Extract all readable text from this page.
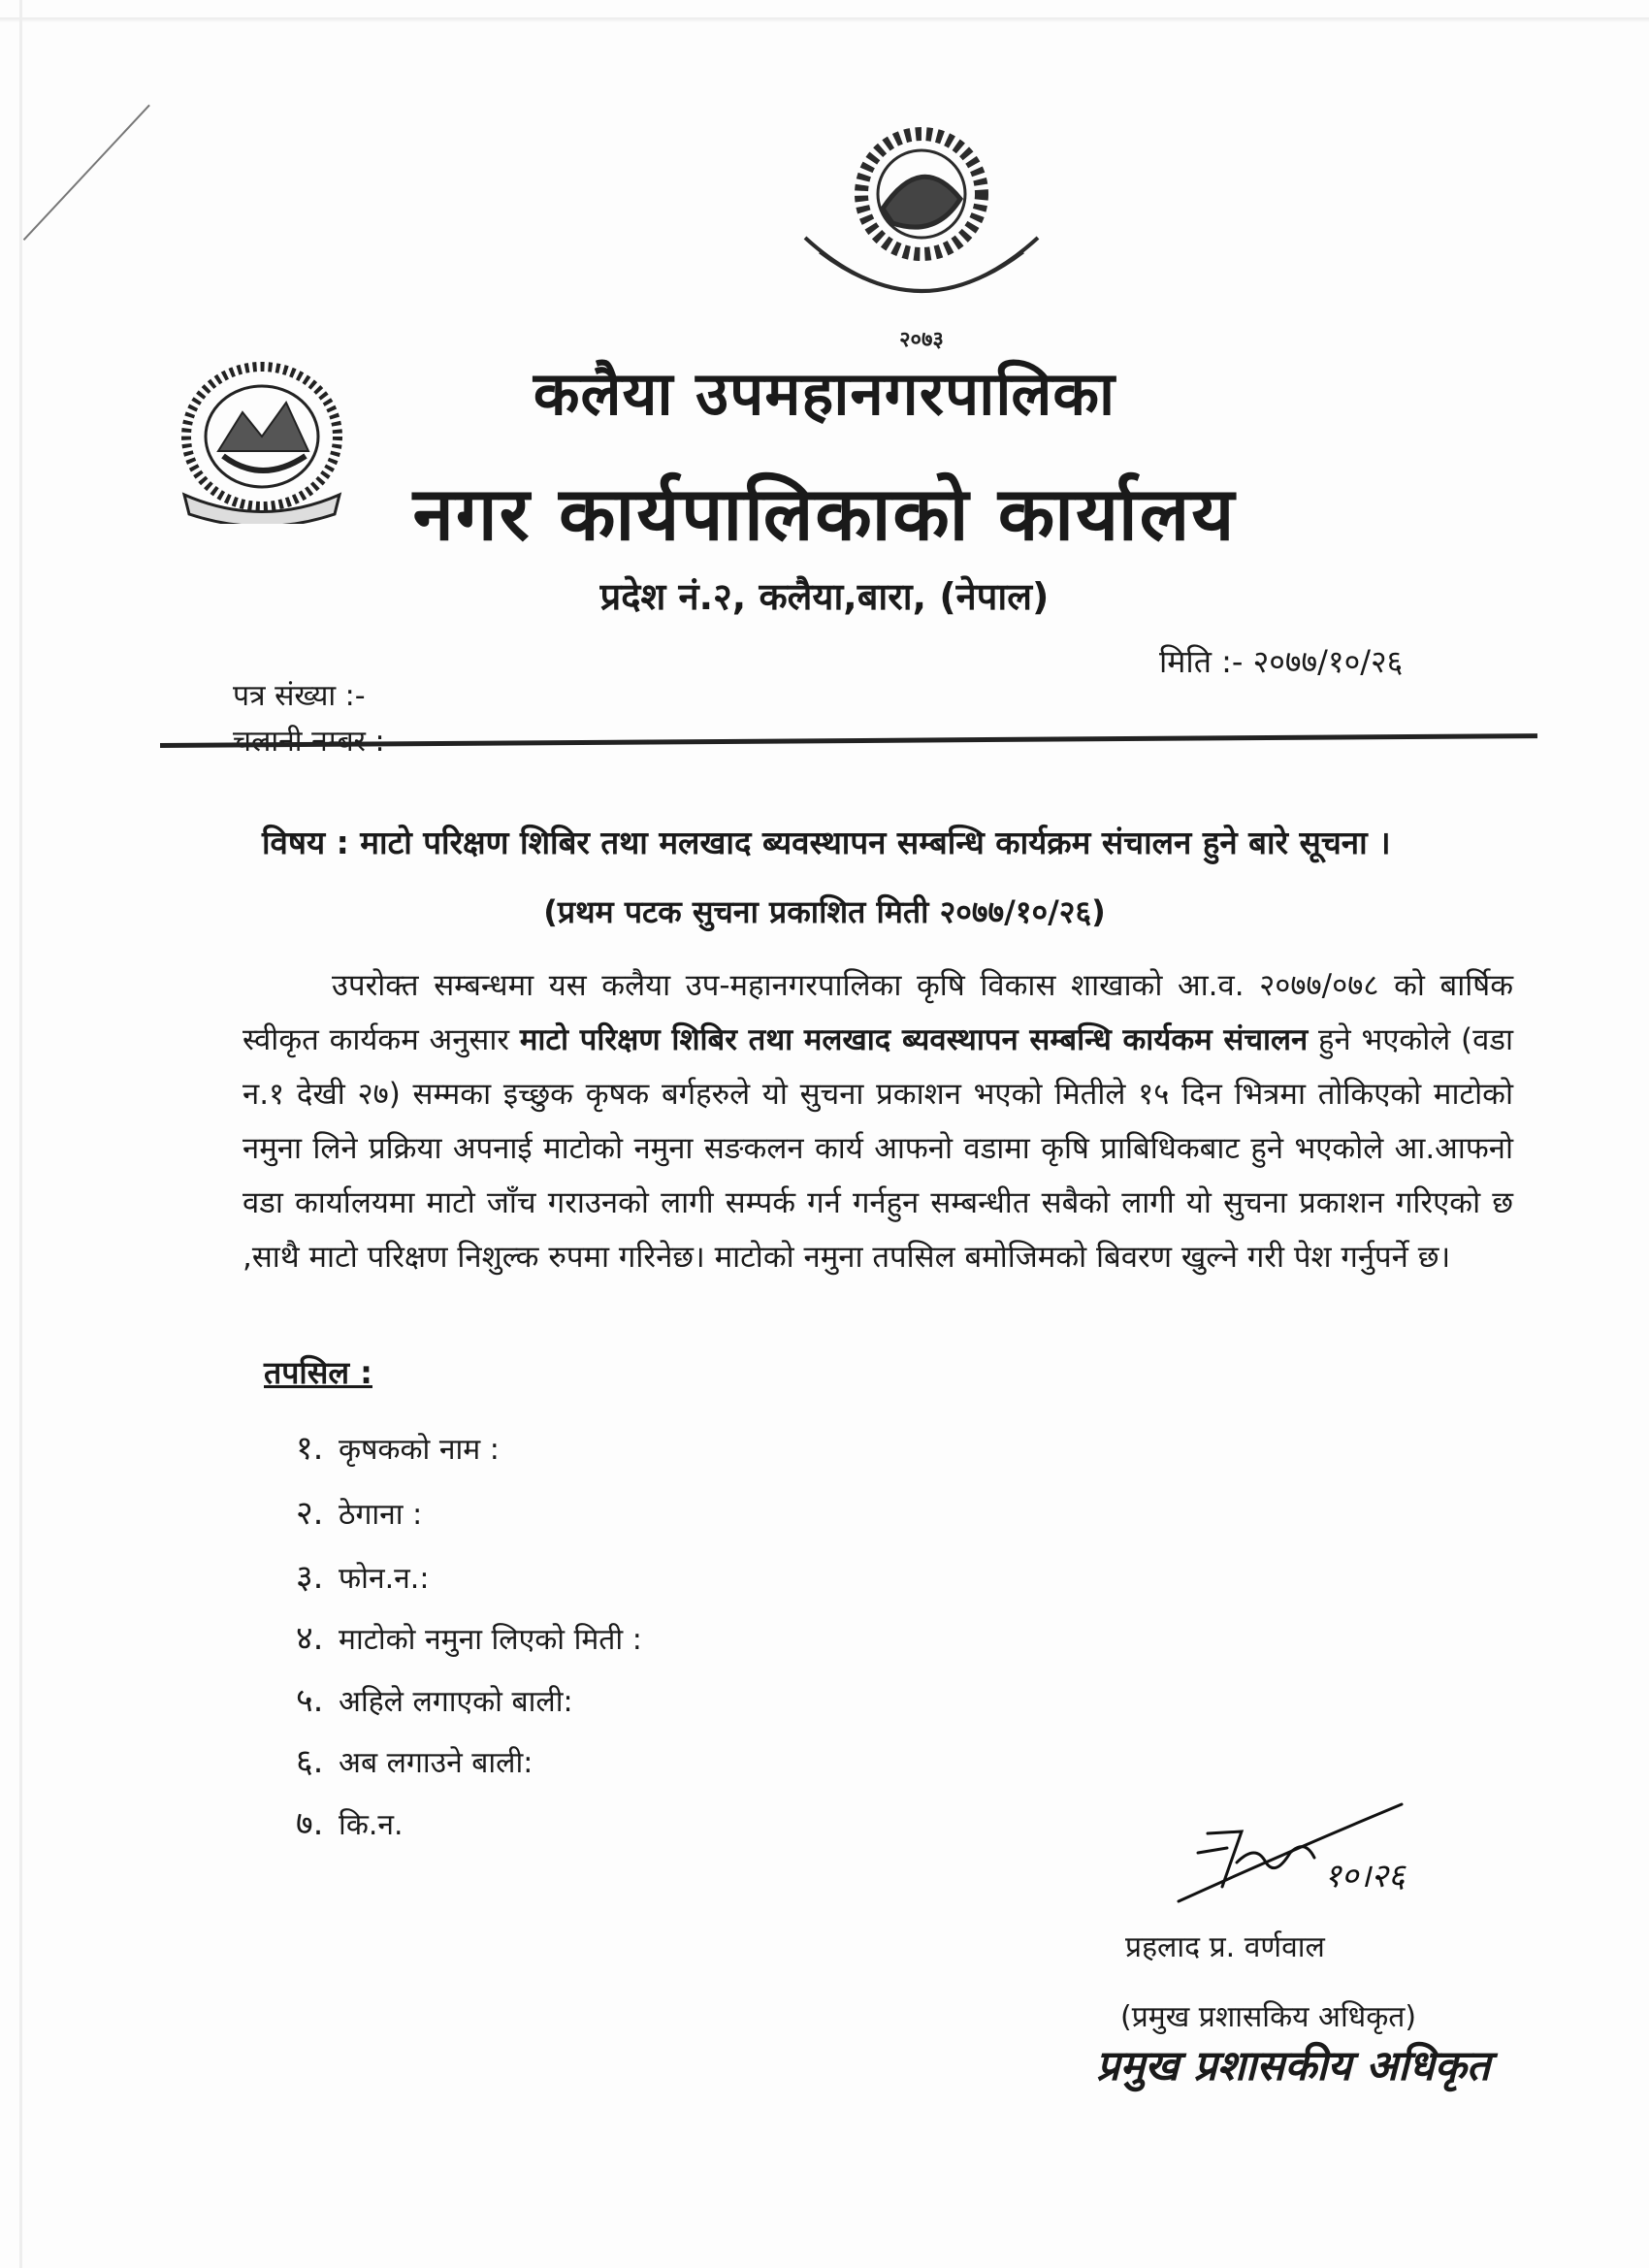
२०७३
कलैया उपमहानगरपालिका
नगर कार्यपालिकाको कार्यालय
प्रदेश नं.२, कलैया,बारा, (नेपाल)
मिति :- २०७७/१०/२६
पत्र संख्या :-
विषय : माटो परिक्षण शिबिर तथा मलखाद ब्यवस्थापन सम्बन्धि कार्यक्रम संचालन हुने बारे सूचना ।
(प्रथम पटक सुचना प्रकाशित मिती २०७७/१०/२६)
उपरोक्त सम्बन्धमा यस कलैया उप-महानगरपालिका कृषि विकास शाखाको आ.व. २०७७/०७८ को बार्षिक स्वीकृत कार्यकम अनुसार माटो परिक्षण शिबिर तथा मलखाद ब्यवस्थापन सम्बन्धि कार्यकम संचालन हुने भएकोले (वडा न.१ देखी २७) सम्मका इच्छुक कृषक बर्गहरुले यो सुचना प्रकाशन भएको मितीले १५ दिन भित्रमा तोकिएको माटोको नमुना लिने प्रक्रिया अपनाई माटोको नमुना सङकलन कार्य आफनो वडामा कृषि प्राबिधिकबाट हुने भएकोले आ.आफनो वडा कार्यालयमा माटो जाँच गराउनको लागी सम्पर्क गर्न गर्नहुन सम्बन्धीत सबैको लागी यो सुचना प्रकाशन गरिएको छ ,साथै माटो परिक्षण निशुल्क रुपमा गरिनेछ। माटोको नमुना तपसिल बमोजिमको बिवरण खुल्ने गरी पेश गर्नुपर्ने छ।
तपसिल :
१. कृषकको नाम :
२. ठेगाना :
३. फोन.न.:
४. माटोको नमुना लिएको मिती :
५. अहिले लगाएको बाली:
६. अब लगाउने बाली:
७. कि.न.
१०।२६
प्रहलाद प्र. वर्णवाल
(प्रमुख प्रशासकिय अधिकृत)
प्रमुख प्रशासकीय अधिकृत
